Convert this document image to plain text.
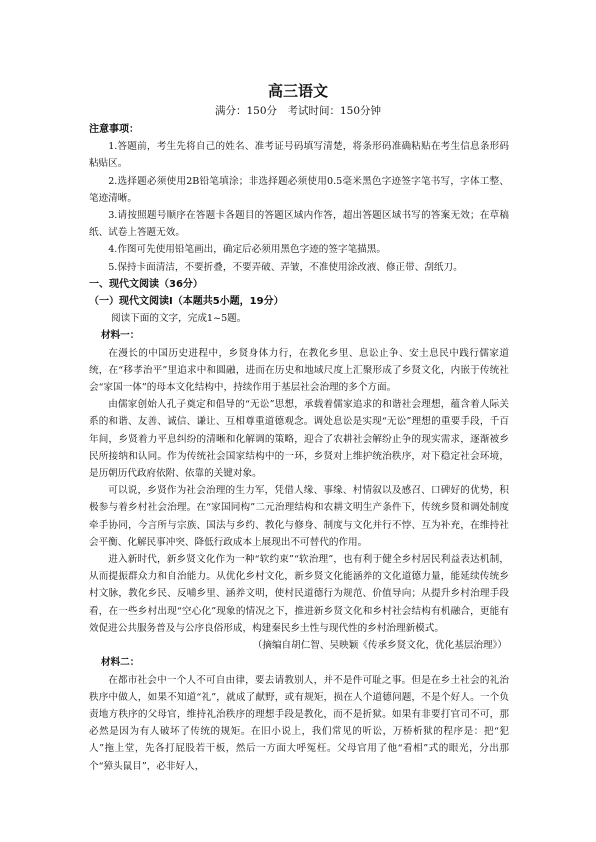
高三语文
满分：150分　考试时间：150分钟
注意事项：

1.答题前，考生先将自己的姓名、准考证号码填写清楚，将条形码准确粘贴在考生信息条形码粘贴区。

2.选择题必须使用2B铅笔填涂；非选择题必须使用0.5毫米黑色字迹签字笔书写，字体工整、笔迹清晰。

3.请按照题号顺序在答题卡各题目的答题区域内作答，超出答题区域书写的答案无效；在草稿纸、试卷上答题无效。

4.作图可先使用铅笔画出，确定后必须用黑色字迹的签字笔描黑。

5.保持卡面清洁，不要折叠，不要弄破、弄皱，不准使用涂改液、修正带、刮纸刀。

一、现代文阅读（36分）
（一）现代文阅读Ⅰ（本题共5小题，19分）
阅读下面的文字，完成1~5题。
材料一：

在漫长的中国历史进程中，乡贤身体力行，在教化乡里、息讼止争、安土息民中践行儒家道统，在“移孝治平”里追求中和圆融，进而在历史和地域尺度上汇聚形成了乡贤文化，内嵌于传统社会“家国一体”的母本文化结构中，持续作用于基层社会治理的多个方面。

由儒家创始人孔子奠定和倡导的“无讼”思想，承载着儒家追求的和谐社会理想，蕴含着人际关系的和谐、友善、诚信、谦让、互相尊重道德观念。调处息讼是实现“无讼”理想的重要手段，千百年间，乡贤着力平息纠纷的清晰和化解调的策略，迎合了农耕社会解纷止争的现实需求，逐渐被乡民所接纳和认同。作为传统社会国家结构中的一环，乡贤对上维护统治秩序，对下稳定社会环境，是历朝历代政府依附、依靠的关键对象。

可以说，乡贤作为社会治理的生力军，凭借人缘、事缘、村情叙以及感召、口碑好的优势，积极参与着乡村社会治理。在“家国同构”二元治理结构和农耕文明生产条件下，传统乡贤和调处制度牵手协同，今言所与宗族、国法与乡约、教化与修身、制度与文化并行不悖、互为补充，在维持社会平衡、化解民事冲突、降低行政成本上展现出不可替代的作用。

进入新时代，新乡贤文化作为一种“软约束”“软治理”，也有利于健全乡村居民利益表达机制，从而提振群众力和自治能力。从优化乡村文化，新乡贤文化能涵养的文化道德力量，能延续传统乡村文脉，教化乡民、反哺乡里、涵养文明，使村民道德行为规范、价值导向；从提升乡村治理手段看，在一些乡村出现“空心化”现象的情况之下，推进新乡贤文化和乡村社会结构有机融合，更能有效促进公共服务普及与公序良俗形成，构建秦民乡土性与现代性的乡村治理新模式。

（摘编自胡仁智、吴映颖《传承乡贤文化，优化基层治理》）
材料二：

在都市社会中一个人不可自由律，要去请教别人，并不是件可耻之事。但是在乡土社会的礼治秩序中做人，如果不知道“礼”，就成了献野，或有规矩，损在人个道德问题，不是个好人。一个负责地方秩序的父母官，维持礼治秩序的理想手段是教化，而不是折狱。如果有非要打官司不可，那必然是因为有人破坏了传统的规矩。在旧小说上，我们常见的听讼，万桥析狱的程序是：把“犯人”拖上堂，先各打屁股若干板，然后一方面大呼冤枉。父母官用了他“看相”式的眼光，分出那个“獐头鼠目”，必非好人，
